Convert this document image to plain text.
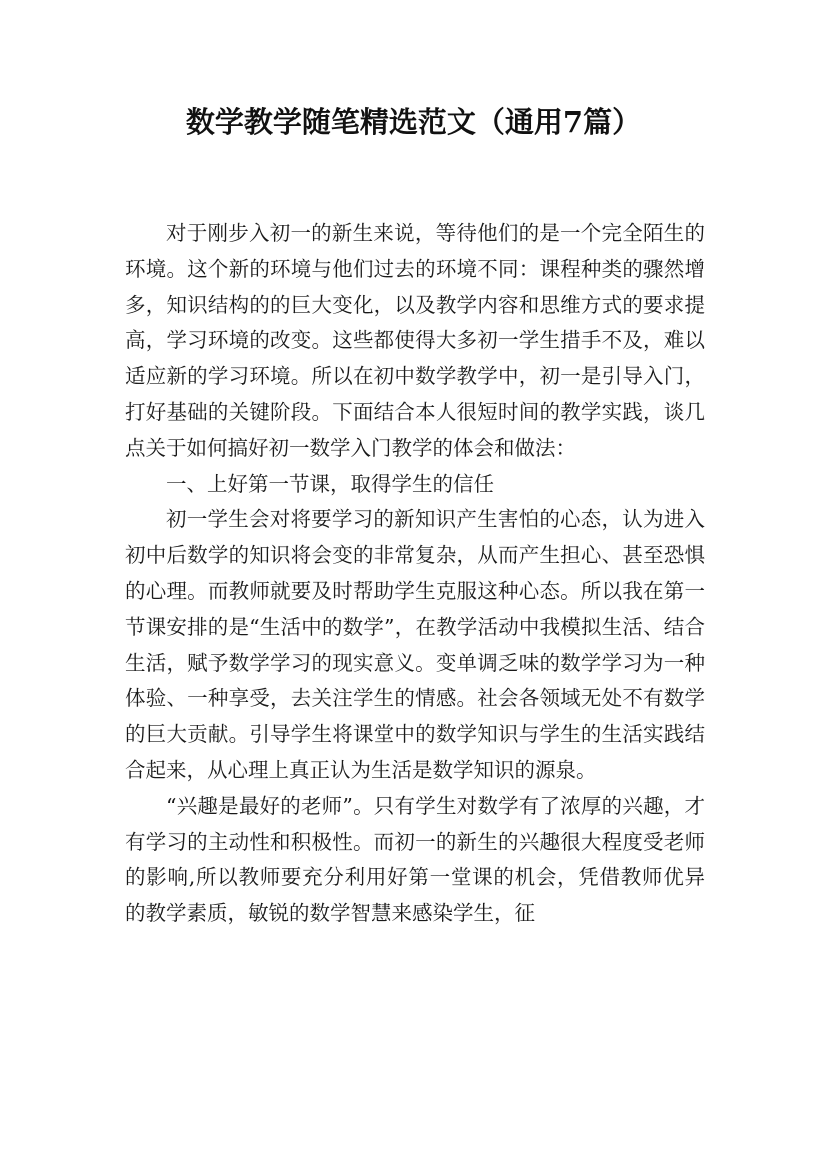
数学教学随笔精选范文（通用7篇）

对于刚步入初一的新生来说，等待他们的是一个完全陌生的环境。这个新的环境与他们过去的环境不同：课程种类的骤然增多，知识结构的的巨大变化，以及教学内容和思维方式的要求提高，学习环境的改变。这些都使得大多初一学生措手不及，难以适应新的学习环境。所以在初中数学教学中，初一是引导入门，打好基础的关键阶段。下面结合本人很短时间的教学实践，谈几点关于如何搞好初一数学入门教学的体会和做法：

一、上好第一节课，取得学生的信任

初一学生会对将要学习的新知识产生害怕的心态，认为进入初中后数学的知识将会变的非常复杂，从而产生担心、甚至恐惧的心理。而教师就要及时帮助学生克服这种心态。所以我在第一节课安排的是“生活中的数学”，在教学活动中我模拟生活、结合生活，赋予数学学习的现实意义。变单调乏味的数学学习为一种体验、一种享受，去关注学生的情感。社会各领域无处不有数学的巨大贡献。引导学生将课堂中的数学知识与学生的生活实践结合起来，从心理上真正认为生活是数学知识的源泉。

“兴趣是最好的老师”。只有学生对数学有了浓厚的兴趣，才有学习的主动性和积极性。而初一的新生的兴趣很大程度受老师的影响,所以教师要充分利用好第一堂课的机会，凭借教师优异的教学素质，敏锐的数学智慧来感染学生，征
